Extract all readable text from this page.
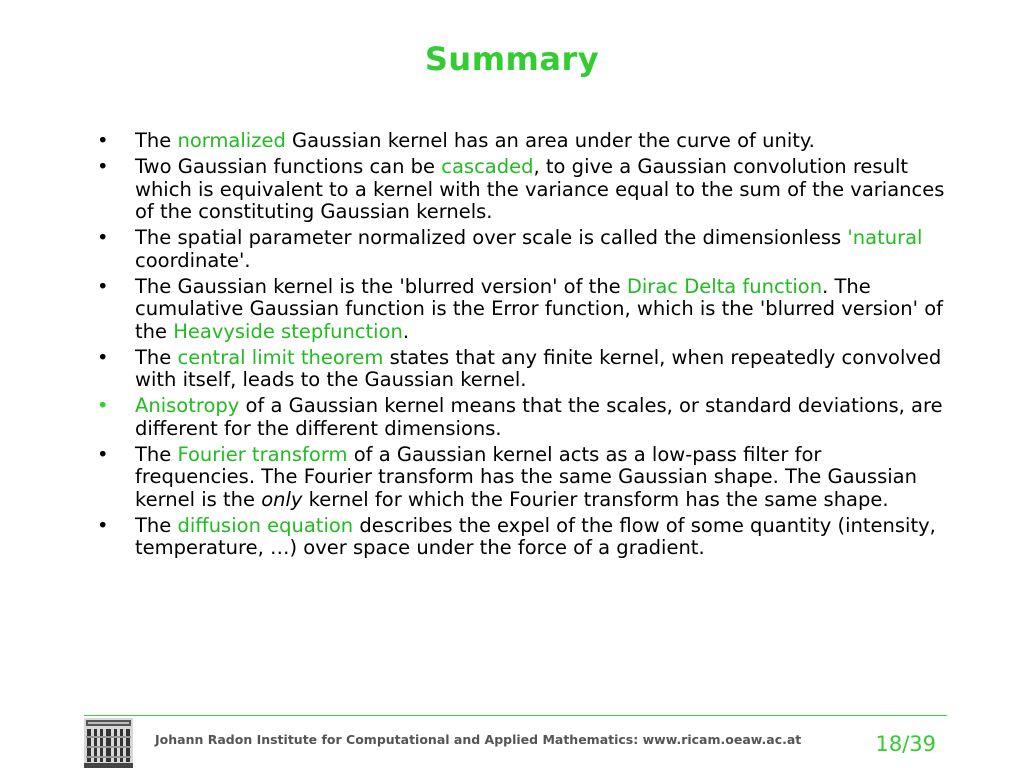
Summary
•	The normalized Gaussian kernel has an area under the curve of unity.
•	Two Gaussian functions can be cascaded, to give a Gaussian convolution result which is equivalent to a kernel with the variance equal to the sum of the variances of the constituting Gaussian kernels.
•	The spatial parameter normalized over scale is called the dimensionless 'natural coordinate'.
•	The Gaussian kernel is the 'blurred version' of the Dirac Delta function. The cumulative Gaussian function is the Error function, which is the 'blurred version' of the Heavyside stepfunction.
•	The central limit theorem states that any finite kernel, when repeatedly convolved with itself, leads to the Gaussian kernel.
•	Anisotropy of a Gaussian kernel means that the scales, or standard deviations, are different for the different dimensions.
•	The Fourier transform of a Gaussian kernel acts as a low-pass filter for frequencies. The Fourier transform has the same Gaussian shape. The Gaussian kernel is the only kernel for which the Fourier transform has the same shape.
•	The diffusion equation describes the expel of the flow of some quantity (intensity, temperature, …) over space under the force of a gradient.
Johann Radon Institute for Computational and Applied Mathematics: www.ricam.oeaw.ac.at	18/39
